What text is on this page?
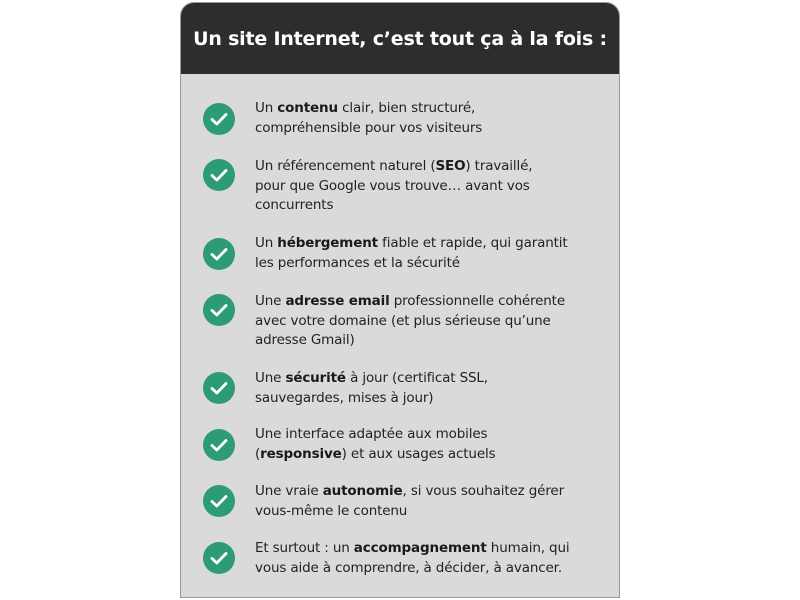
Un site Internet, c’est tout ça à la fois :
Un contenu clair, bien structuré,
compréhensible pour vos visiteurs
Un référencement naturel (SEO) travaillé,
pour que Google vous trouve… avant vos
concurrents
Un hébergement fiable et rapide, qui garantit
les performances et la sécurité
Une adresse email professionnelle cohérente
avec votre domaine (et plus sérieuse qu’une
adresse Gmail)
Une sécurité à jour (certificat SSL,
sauvegardes, mises à jour)
Une interface adaptée aux mobiles
(responsive) et aux usages actuels
Une vraie autonomie, si vous souhaitez gérer
vous-même le contenu
Et surtout : un accompagnement humain, qui
vous aide à comprendre, à décider, à avancer.
